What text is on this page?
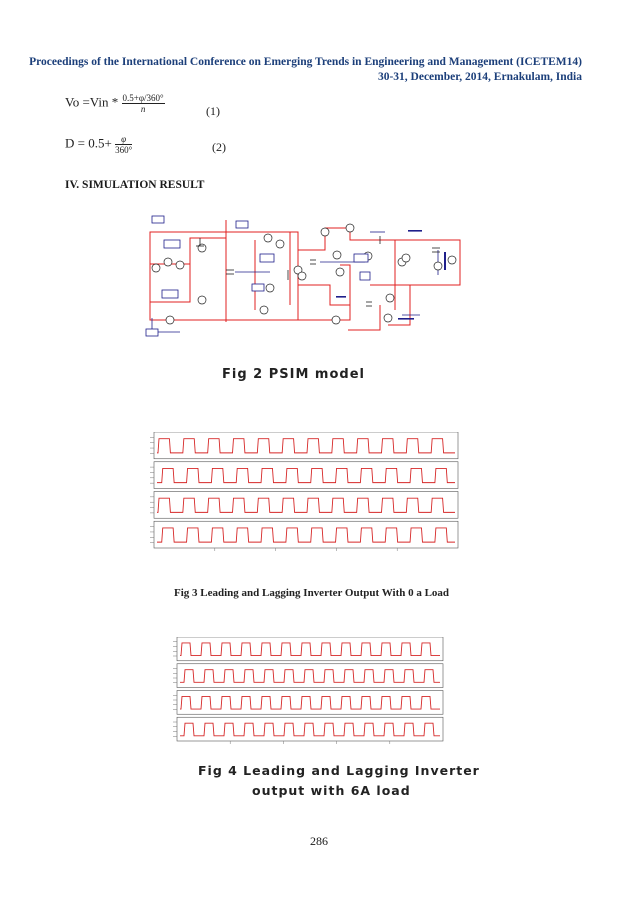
Proceedings of the International Conference on Emerging Trends in Engineering and Management (ICETEM14)
30-31, December, 2014, Ernakulam, India
$Vo =Vin * \frac{0.5+\varphi/360^\circ}{n}$	(1)
$D = 0.5+ \frac{\varphi}{360^\circ}$	(2)
IV. SIMULATION RESULT
Fig 2 PSIM model
Fig 3 Leading and Lagging Inverter Output With 0 a Load
Fig 4 Leading and Lagging Inverter
output with 6A load
286
